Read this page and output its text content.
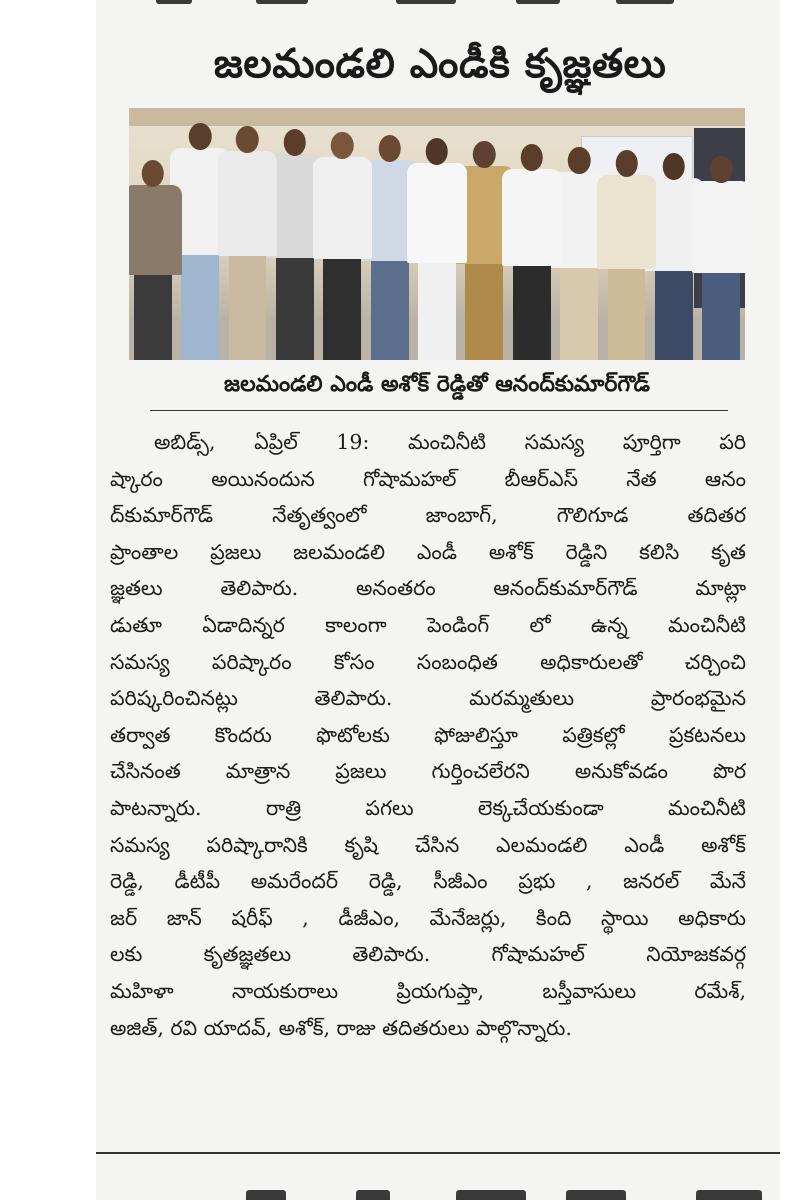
జలమండలి ఎండీకి కృజ్ఞతలు
జలమండలి ఎండీ అశోక్ రెడ్డితో ఆనంద్‌కుమార్‌గౌడ్
అబిడ్స్, ఏప్రిల్ 19: మంచినీటి సమస్య పూర్తిగా పరి
ష్కారం అయినందున గోషామహల్ బీఆర్ఎస్ నేత ఆనం
ద్‌కుమార్‌గౌడ్ నేతృత్వంలో జాంబాగ్, గౌలిగూడ తదితర
ప్రాంతాల ప్రజలు జలమండలి ఎండీ అశోక్ రెడ్డిని కలిసి కృత
జ్ఞతలు తెలిపారు. అనంతరం ఆనంద్‌కుమార్‌గౌడ్ మాట్లా
డుతూ ఏడాదిన్నర కాలంగా పెండింగ్ లో ఉన్న మంచినీటి
సమస్య పరిష్కారం కోసం సంబంధిత అధికారులతో చర్చించి
పరిష్కరించినట్లు తెలిపారు. మరమ్మతులు ప్రారంభమైన
తర్వాత కొందరు ఫొటోలకు ఫోజులిస్తూ పత్రికల్లో ప్రకటనలు
చేసినంత మాత్రాన ప్రజలు గుర్తించలేరని అనుకోవడం పొర
పాటన్నారు. రాత్రి పగలు లెక్కచేయకుండా మంచినీటి
సమస్య పరిష్కారానికి కృషి చేసిన ఎలమండలి ఎండీ అశోక్
రెడ్డి, డీటీపీ అమరేందర్ రెడ్డి, సీజీఎం ప్రభు , జనరల్ మేనే
జర్ జాన్ షరీఫ్ , డీజీఎం, మేనేజర్లు, కింది స్థాయి అధికారు
లకు కృతజ్ఞతలు తెలిపారు. గోషామహల్ నియోజకవర్గ
మహిళా నాయకురాలు ప్రియగుప్తా, బస్తీవాసులు రమేశ్,
అజిత్, రవి యాదవ్, అశోక్, రాజు తదితరులు పాల్గొన్నారు.
